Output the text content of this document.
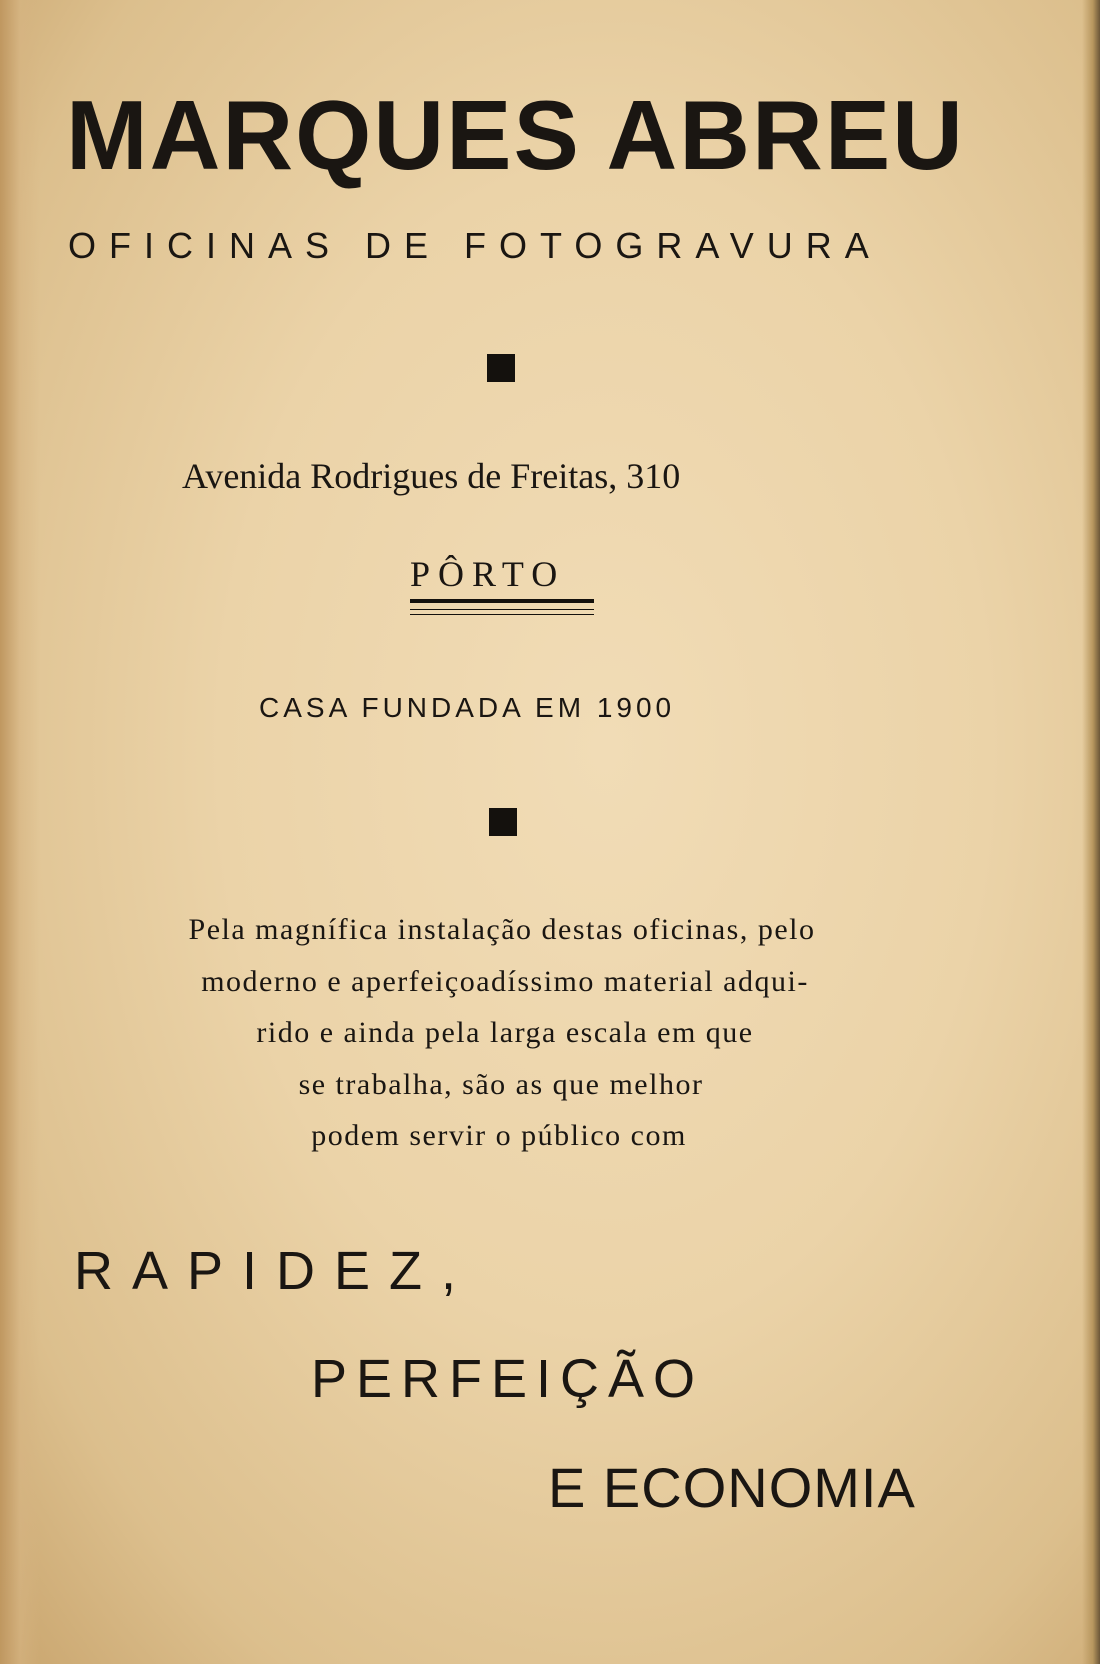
MARQUES ABREU
OFICINAS DE FOTOGRAVURA
Avenida Rodrigues de Freitas, 310
PÔRTO
CASA FUNDADA EM 1900
Pela magnífica instalação destas oficinas, pelo
moderno e aperfeiçoadíssimo material adqui-
rido e ainda pela larga escala em que
se trabalha, são as que melhor
podem servir o público com
RAPIDEZ,
PERFEIÇÃO
E ECONOMIA
